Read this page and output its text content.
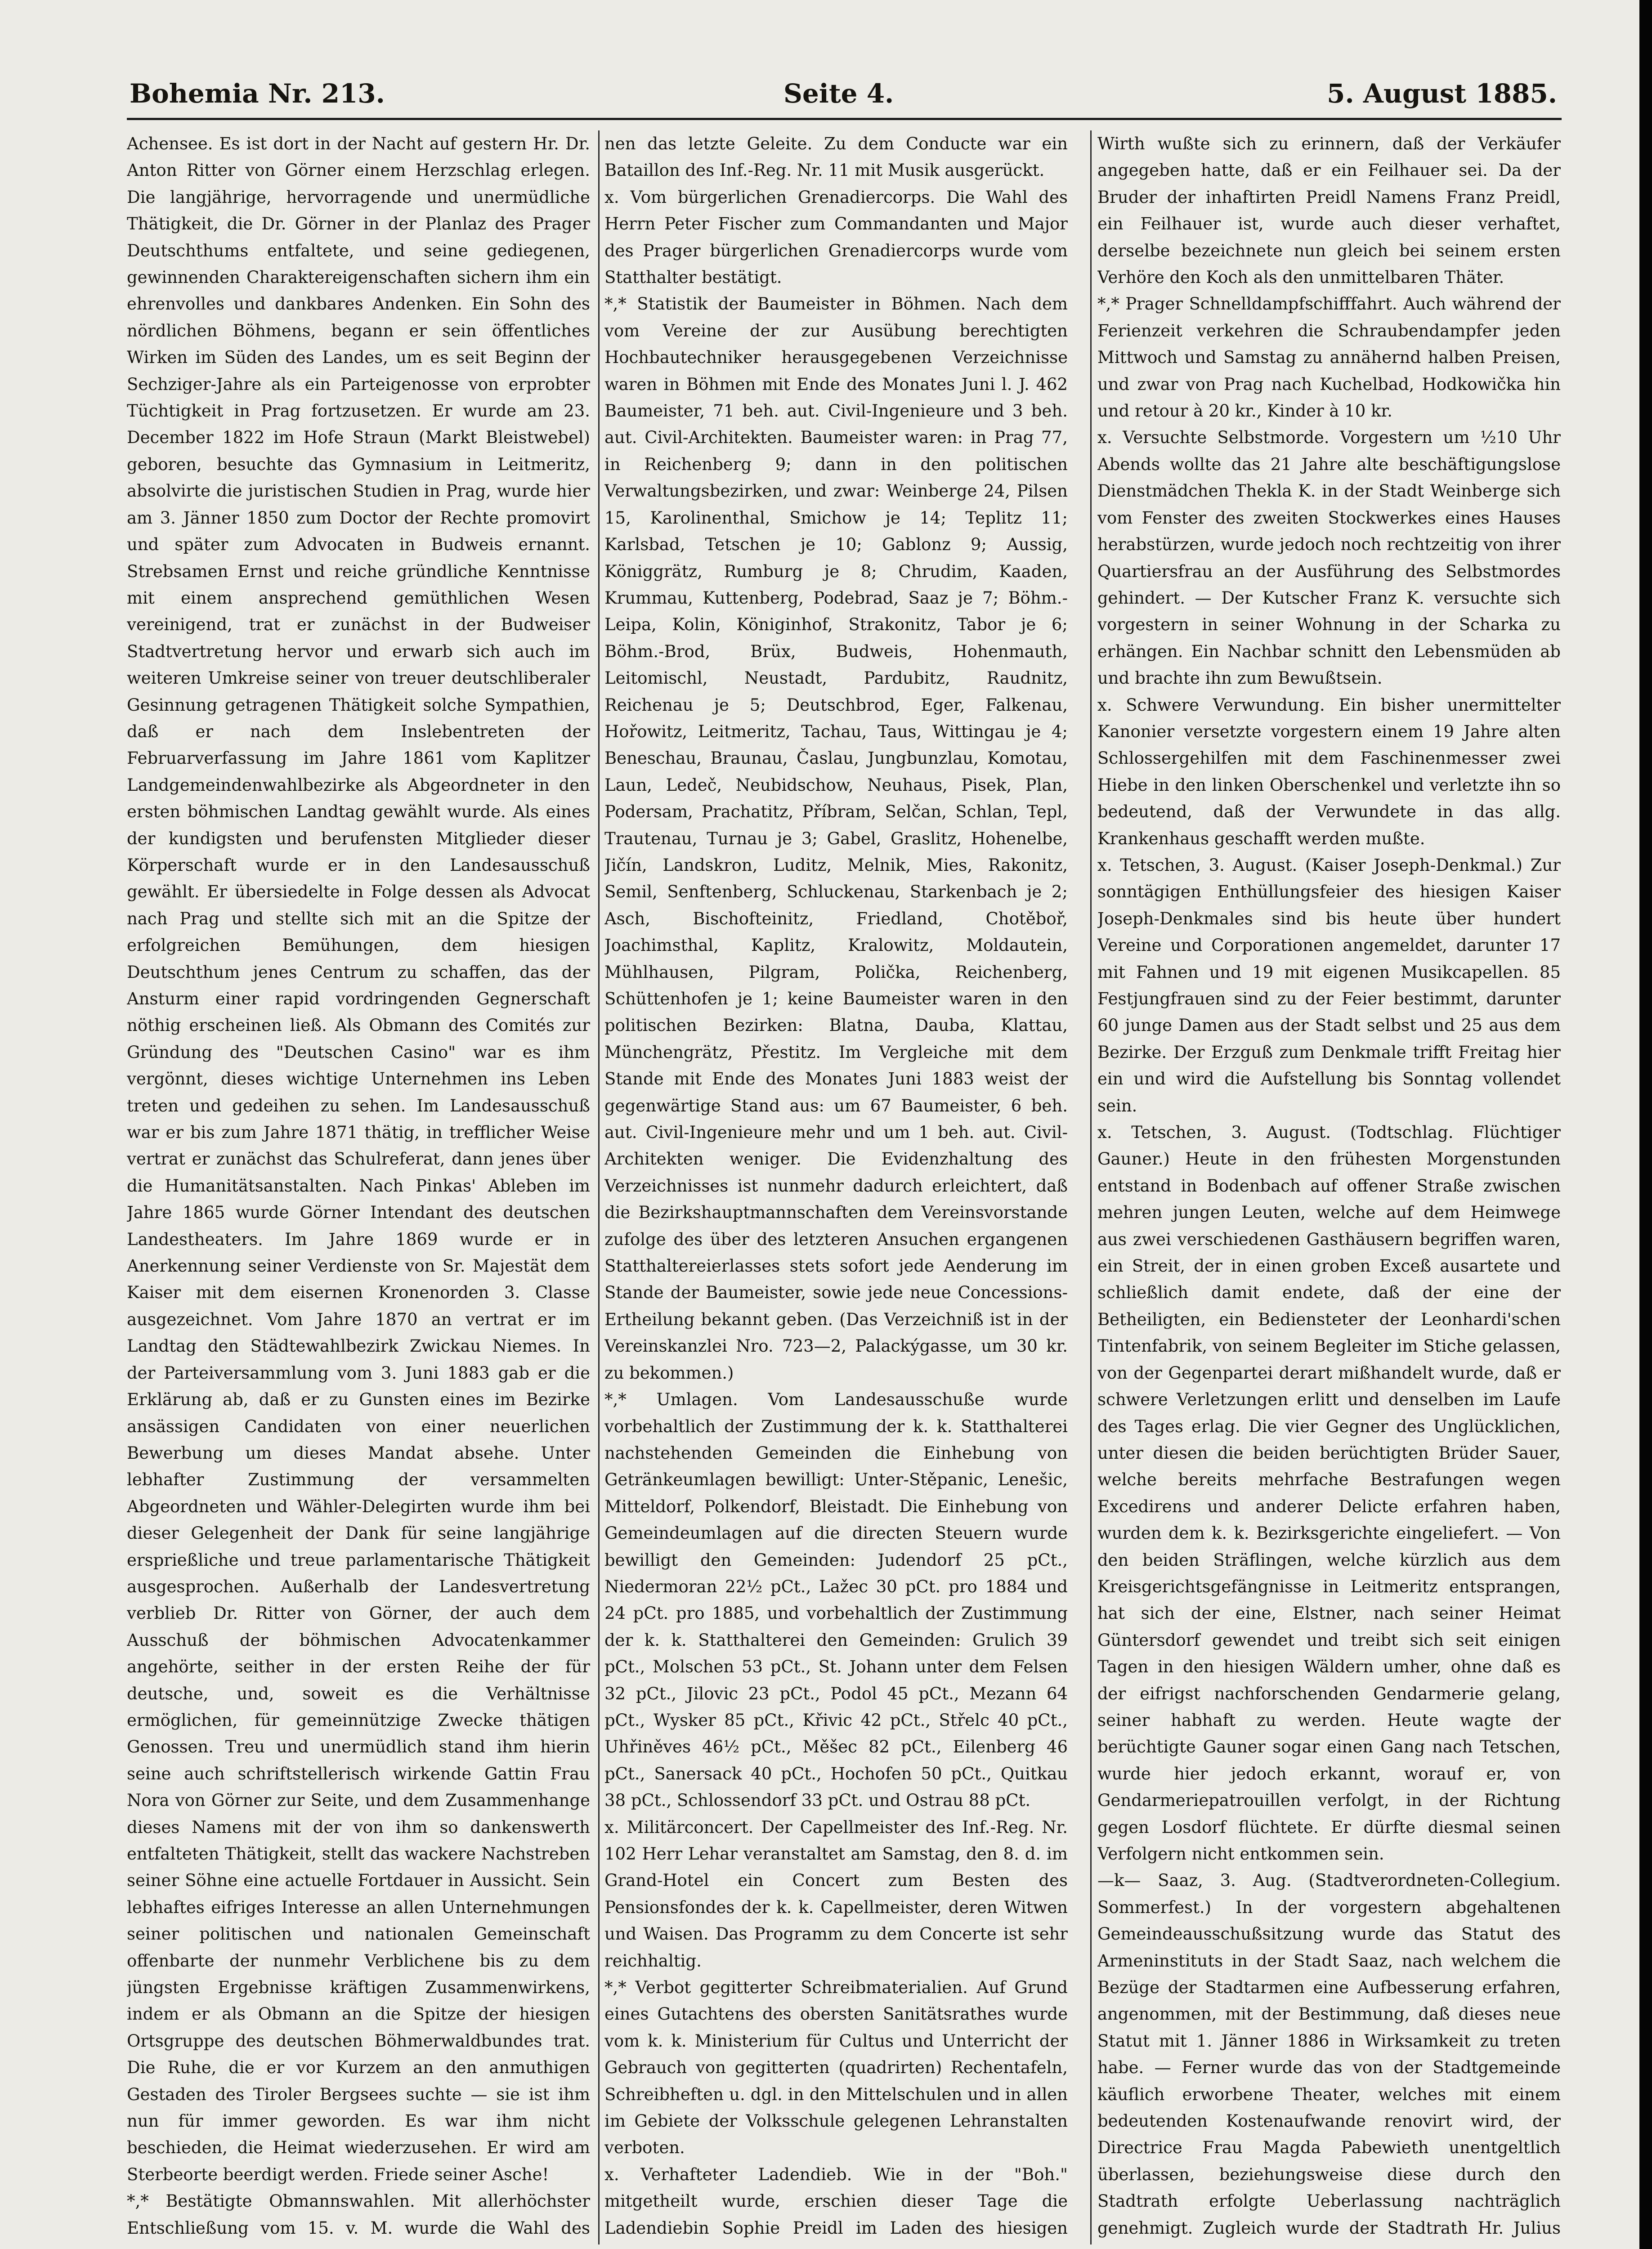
Bohemia Nr. 213.	Seite 4.	5. August 1885.

Achensee. Es ist dort in der Nacht auf gestern Hr. Dr. Anton Ritter von Görner einem Herzschlag erlegen. Die langjährige, hervorragende und unermüdliche Thätigkeit, die Dr. Görner in der Planlaz des Prager Deutschthums entfaltete, und seine gediegenen, gewinnenden Charaktereigenschaften sichern ihm ein ehrenvolles und dankbares Andenken. Ein Sohn des nördlichen Böhmens, begann er sein öffentliches Wirken im Süden des Landes, um es seit Beginn der Sechziger-Jahre als ein Parteigenosse von erprobter Tüchtigkeit in Prag fortzusetzen. Er wurde am 23. December 1822 im Hofe Straun (Markt Bleistwebel) geboren, besuchte das Gymnasium in Leitmeritz, absolvirte die juristischen Studien in Prag, wurde hier am 3. Jänner 1850 zum Doctor der Rechte promovirt und später zum Advocaten in Budweis ernannt. Strebsamen Ernst und reiche gründliche Kenntnisse mit einem ansprechend gemüthlichen Wesen vereinigend, trat er zunächst in der Budweiser Stadtvertretung hervor und erwarb sich auch im weiteren Umkreise seiner von treuer deutschliberaler Gesinnung getragenen Thätigkeit solche Sympathien, daß er nach dem Inslebentreten der Februarverfassung im Jahre 1861 vom Kaplitzer Landgemeindenwahlbezirke als Abgeordneter in den ersten böhmischen Landtag gewählt wurde. Als eines der kundigsten und berufensten Mitglieder dieser Körperschaft wurde er in den Landesausschuß gewählt. Er übersiedelte in Folge dessen als Advocat nach Prag und stellte sich mit an die Spitze der erfolgreichen Bemühungen, dem hiesigen Deutschthum jenes Centrum zu schaffen, das der Ansturm einer rapid vordringenden Gegnerschaft nöthig erscheinen ließ. Als Obmann des Comités zur Gründung des "Deutschen Casino" war es ihm vergönnt, dieses wichtige Unternehmen ins Leben treten und gedeihen zu sehen. Im Landesausschuß war er bis zum Jahre 1871 thätig, in trefflicher Weise vertrat er zunächst das Schulreferat, dann jenes über die Humanitätsanstalten. Nach Pinkas' Ableben im Jahre 1865 wurde Görner Intendant des deutschen Landestheaters. Im Jahre 1869 wurde er in Anerkennung seiner Verdienste von Sr. Majestät dem Kaiser mit dem eisernen Kronenorden 3. Classe ausgezeichnet. Vom Jahre 1870 an vertrat er im Landtag den Städtewahlbezirk Zwickau Niemes. In der Parteiversammlung vom 3. Juni 1883 gab er die Erklärung ab, daß er zu Gunsten eines im Bezirke ansässigen Candidaten von einer neuerlichen Bewerbung um dieses Mandat absehe. Unter lebhafter Zustimmung der versammelten Abgeordneten und Wähler-Delegirten wurde ihm bei dieser Gelegenheit der Dank für seine langjährige ersprießliche und treue parlamentarische Thätigkeit ausgesprochen. Außerhalb der Landesvertretung verblieb Dr. Ritter von Görner, der auch dem Ausschuß der böhmischen Advocatenkammer angehörte, seither in der ersten Reihe der für deutsche, und, soweit es die Verhältnisse ermöglichen, für gemeinnützige Zwecke thätigen Genossen. Treu und unermüdlich stand ihm hierin seine auch schriftstellerisch wirkende Gattin Frau Nora von Görner zur Seite, und dem Zusammenhange dieses Namens mit der von ihm so dankenswerth entfalteten Thätigkeit, stellt das wackere Nachstreben seiner Söhne eine actuelle Fortdauer in Aussicht. Sein lebhaftes eifriges Interesse an allen Unternehmungen seiner politischen und nationalen Gemeinschaft offenbarte der nunmehr Verblichene bis zu dem jüngsten Ergebnisse kräftigen Zusammenwirkens, indem er als Obmann an die Spitze der hiesigen Ortsgruppe des deutschen Böhmerwaldbundes trat. Die Ruhe, die er vor Kurzem an den anmuthigen Gestaden des Tiroler Bergsees suchte — sie ist ihm nun für immer geworden. Es war ihm nicht beschieden, die Heimat wiederzusehen. Er wird am Sterbeorte beerdigt werden. Friede seiner Asche!

*,* Bestätigte Obmannswahlen. Mit allerhöchster Entschließung vom 15. v. M. wurde die Wahl des

nen das letzte Geleite. Zu dem Conducte war ein Bataillon des Inf.-Reg. Nr. 11 mit Musik ausgerückt.

x. Vom bürgerlichen Grenadiercorps. Die Wahl des Herrn Peter Fischer zum Commandanten und Major des Prager bürgerlichen Grenadiercorps wurde vom Statthalter bestätigt.

*,* Statistik der Baumeister in Böhmen. Nach dem vom Vereine der zur Ausübung berechtigten Hochbautechniker herausgegebenen Verzeichnisse waren in Böhmen mit Ende des Monates Juni l. J. 462 Baumeister, 71 beh. aut. Civil-Ingenieure und 3 beh. aut. Civil-Architekten. Baumeister waren: in Prag 77, in Reichenberg 9; dann in den politischen Verwaltungsbezirken, und zwar: Weinberge 24, Pilsen 15, Karolinenthal, Smichow je 14; Teplitz 11; Karlsbad, Tetschen je 10; Gablonz 9; Aussig, Königgrätz, Rumburg je 8; Chrudim, Kaaden, Krummau, Kuttenberg, Podebrad, Saaz je 7; Böhm.-Leipa, Kolin, Königinhof, Strakonitz, Tabor je 6; Böhm.-Brod, Brüx, Budweis, Hohenmauth, Leitomischl, Neustadt, Pardubitz, Raudnitz, Reichenau je 5; Deutschbrod, Eger, Falkenau, Hořowitz, Leitmeritz, Tachau, Taus, Wittingau je 4; Beneschau, Braunau, Časlau, Jungbunzlau, Komotau, Laun, Ledeč, Neubidschow, Neuhaus, Pisek, Plan, Podersam, Prachatitz, Příbram, Selčan, Schlan, Tepl, Trautenau, Turnau je 3; Gabel, Graslitz, Hohenelbe, Jičín, Landskron, Luditz, Melnik, Mies, Rakonitz, Semil, Senftenberg, Schluckenau, Starkenbach je 2; Asch, Bischofteinitz, Friedland, Chotěboř, Joachimsthal, Kaplitz, Kralowitz, Moldautein, Mühlhausen, Pilgram, Polička, Reichenberg, Schüttenhofen je 1; keine Baumeister waren in den politischen Bezirken: Blatna, Dauba, Klattau, Münchengrätz, Přestitz. Im Vergleiche mit dem Stande mit Ende des Monates Juni 1883 weist der gegenwärtige Stand aus: um 67 Baumeister, 6 beh. aut. Civil-Ingenieure mehr und um 1 beh. aut. Civil-Architekten weniger. Die Evidenzhaltung des Verzeichnisses ist nunmehr dadurch erleichtert, daß die Bezirkshauptmannschaften dem Vereinsvorstande zufolge des über des letzteren Ansuchen ergangenen Statthaltereierlasses stets sofort jede Aenderung im Stande der Baumeister, sowie jede neue Concessions-Ertheilung bekannt geben. (Das Verzeichniß ist in der Vereinskanzlei Nro. 723—2, Palackýgasse, um 30 kr. zu bekommen.)

*,* Umlagen. Vom Landesausschuße wurde vorbehaltlich der Zustimmung der k. k. Statthalterei nachstehenden Gemeinden die Einhebung von Getränkeumlagen bewilligt: Unter-Stěpanic, Lenešic, Mitteldorf, Polkendorf, Bleistadt. Die Einhebung von Gemeindeumlagen auf die directen Steuern wurde bewilligt den Gemeinden: Judendorf 25 pCt., Niedermoran 22½ pCt., Lažec 30 pCt. pro 1884 und 24 pCt. pro 1885, und vorbehaltlich der Zustimmung der k. k. Statthalterei den Gemeinden: Grulich 39 pCt., Molschen 53 pCt., St. Johann unter dem Felsen 32 pCt., Jilovic 23 pCt., Podol 45 pCt., Mezann 64 pCt., Wysker 85 pCt., Křivic 42 pCt., Střelc 40 pCt., Uhřiněves 46½ pCt., Měšec 82 pCt., Eilenberg 46 pCt., Sanersack 40 pCt., Hochofen 50 pCt., Quitkau 38 pCt., Schlossendorf 33 pCt. und Ostrau 88 pCt.

x. Militärconcert. Der Capellmeister des Inf.-Reg. Nr. 102 Herr Lehar veranstaltet am Samstag, den 8. d. im Grand-Hotel ein Concert zum Besten des Pensionsfondes der k. k. Capellmeister, deren Witwen und Waisen. Das Programm zu dem Concerte ist sehr reichhaltig.

*,* Verbot gegitterter Schreibmaterialien. Auf Grund eines Gutachtens des obersten Sanitätsrathes wurde vom k. k. Ministerium für Cultus und Unterricht der Gebrauch von gegitterten (quadrirten) Rechentafeln, Schreibheften u. dgl. in den Mittelschulen und in allen im Gebiete der Volksschule gelegenen Lehranstalten verboten.

x. Verhafteter Ladendieb. Wie in der "Boh." mitgetheilt wurde, erschien dieser Tage die Ladendiebin Sophie Preidl im Laden des hiesigen

Wirth wußte sich zu erinnern, daß der Verkäufer angegeben hatte, daß er ein Feilhauer sei. Da der Bruder der inhaftirten Preidl Namens Franz Preidl, ein Feilhauer ist, wurde auch dieser verhaftet, derselbe bezeichnete nun gleich bei seinem ersten Verhöre den Koch als den unmittelbaren Thäter.

*,* Prager Schnelldampfschifffahrt. Auch während der Ferienzeit verkehren die Schraubendampfer jeden Mittwoch und Samstag zu annähernd halben Preisen, und zwar von Prag nach Kuchelbad, Hodkowička hin und retour à 20 kr., Kinder à 10 kr.

x. Versuchte Selbstmorde. Vorgestern um ½10 Uhr Abends wollte das 21 Jahre alte beschäftigungslose Dienstmädchen Thekla K. in der Stadt Weinberge sich vom Fenster des zweiten Stockwerkes eines Hauses herabstürzen, wurde jedoch noch rechtzeitig von ihrer Quartiersfrau an der Ausführung des Selbstmordes gehindert. — Der Kutscher Franz K. versuchte sich vorgestern in seiner Wohnung in der Scharka zu erhängen. Ein Nachbar schnitt den Lebensmüden ab und brachte ihn zum Bewußtsein.

x. Schwere Verwundung. Ein bisher unermittelter Kanonier versetzte vorgestern einem 19 Jahre alten Schlossergehilfen mit dem Faschinenmesser zwei Hiebe in den linken Oberschenkel und verletzte ihn so bedeutend, daß der Verwundete in das allg. Krankenhaus geschafft werden mußte.

x. Tetschen, 3. August. (Kaiser Joseph-Denkmal.) Zur sonntägigen Enthüllungsfeier des hiesigen Kaiser Joseph-Denkmales sind bis heute über hundert Vereine und Corporationen angemeldet, darunter 17 mit Fahnen und 19 mit eigenen Musikcapellen. 85 Festjungfrauen sind zu der Feier bestimmt, darunter 60 junge Damen aus der Stadt selbst und 25 aus dem Bezirke. Der Erzguß zum Denkmale trifft Freitag hier ein und wird die Aufstellung bis Sonntag vollendet sein.

x. Tetschen, 3. August. (Todtschlag. Flüchtiger Gauner.) Heute in den frühesten Morgenstunden entstand in Bodenbach auf offener Straße zwischen mehren jungen Leuten, welche auf dem Heimwege aus zwei verschiedenen Gasthäusern begriffen waren, ein Streit, der in einen groben Exceß ausartete und schließlich damit endete, daß der eine der Betheiligten, ein Bediensteter der Leonhardi'schen Tintenfabrik, von seinem Begleiter im Stiche gelassen, von der Gegenpartei derart mißhandelt wurde, daß er schwere Verletzungen erlitt und denselben im Laufe des Tages erlag. Die vier Gegner des Unglücklichen, unter diesen die beiden berüchtigten Brüder Sauer, welche bereits mehrfache Bestrafungen wegen Excedirens und anderer Delicte erfahren haben, wurden dem k. k. Bezirksgerichte eingeliefert. — Von den beiden Sträflingen, welche kürzlich aus dem Kreisgerichtsgefängnisse in Leitmeritz entsprangen, hat sich der eine, Elstner, nach seiner Heimat Güntersdorf gewendet und treibt sich seit einigen Tagen in den hiesigen Wäldern umher, ohne daß es der eifrigst nachforschenden Gendarmerie gelang, seiner habhaft zu werden. Heute wagte der berüchtigte Gauner sogar einen Gang nach Tetschen, wurde hier jedoch erkannt, worauf er, von Gendarmeriepatrouillen verfolgt, in der Richtung gegen Losdorf flüchtete. Er dürfte diesmal seinen Verfolgern nicht entkommen sein.

—k— Saaz, 3. Aug. (Stadtverordneten-Collegium. Sommerfest.) In der vorgestern abgehaltenen Gemeindeausschußsitzung wurde das Statut des Armeninstituts in der Stadt Saaz, nach welchem die Bezüge der Stadtarmen eine Aufbesserung erfahren, angenommen, mit der Bestimmung, daß dieses neue Statut mit 1. Jänner 1886 in Wirksamkeit zu treten habe. — Ferner wurde das von der Stadtgemeinde käuflich erworbene Theater, welches mit einem bedeutenden Kostenaufwande renovirt wird, der Directrice Frau Magda Pabewieth unentgeltlich überlassen, beziehungsweise diese durch den Stadtrath erfolgte Ueberlassung nachträglich genehmigt. Zugleich wurde der Stadtrath Hr. Julius
